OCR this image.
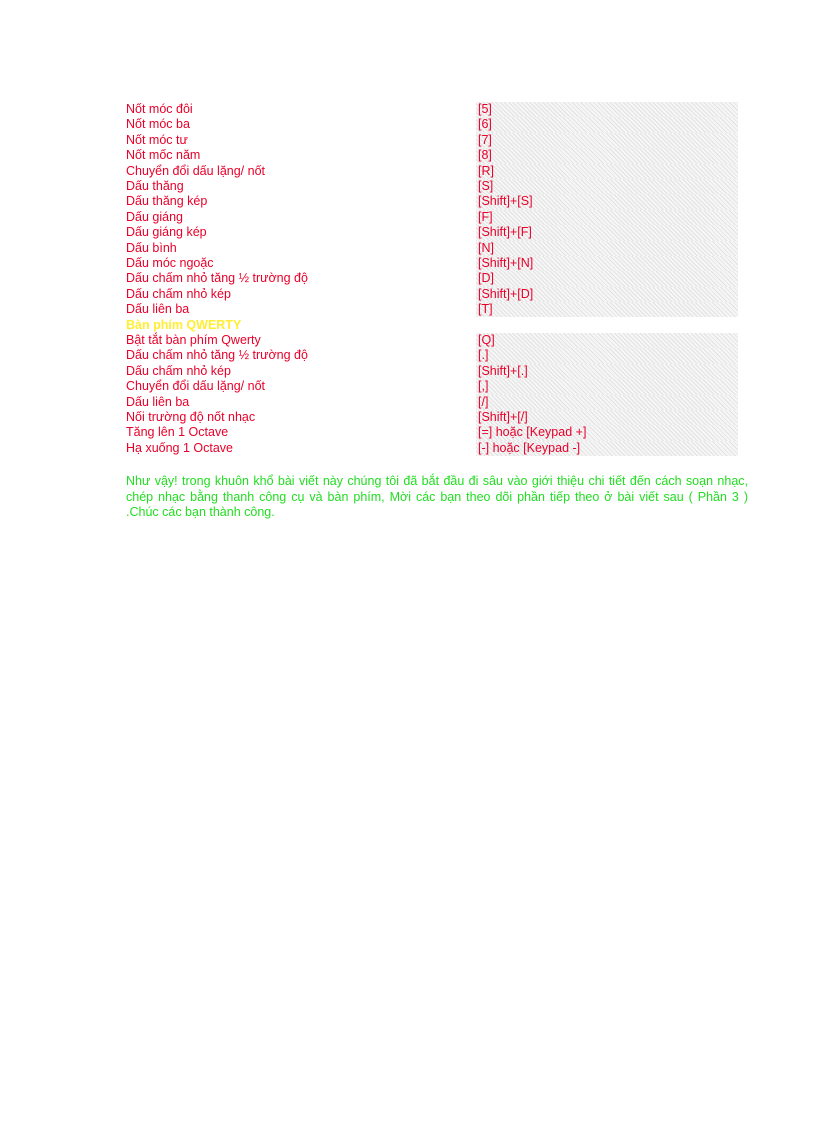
Nốt móc đôi	[5]
Nốt móc ba	[6]
Nốt móc tư	[7]
Nốt mốc năm	[8]
Chuyển đổi dấu lặng/ nốt	[R]
Dấu thăng	[S]
Dấu thăng kép	[Shift]+[S]
Dấu giáng	[F]
Dấu giáng kép	[Shift]+[F]
Dấu bình	[N]
Dấu móc ngoặc	[Shift]+[N]
Dấu chấm nhỏ tăng ½ trường độ	[D]
Dấu chấm nhỏ kép	[Shift]+[D]
Dấu liên ba	[T]
Bàn phím QWERTY
Bật tắt bàn phím Qwerty	[Q]
Dấu chấm nhỏ tăng ½ trường độ	[.]
Dấu chấm nhỏ kép	[Shift]+[.]
Chuyển đổi dấu lặng/ nốt	[,]
Dấu liên ba	[/]
Nối trường độ nốt nhạc	[Shift]+[/]
Tăng lên 1 Octave	[=] hoặc [Keypad +]
Hạ xuống 1 Octave	[-] hoặc [Keypad -]

Như vậy! trong khuôn khổ bài viết này chúng tôi đã bắt đầu đi sâu vào giới thiệu chi tiết đến cách soạn nhạc, chép nhạc bằng thanh công cụ và bàn phím, Mời các bạn theo dõi phần tiếp theo ở bài viết sau ( Phần 3 ) .Chúc các bạn thành công.
